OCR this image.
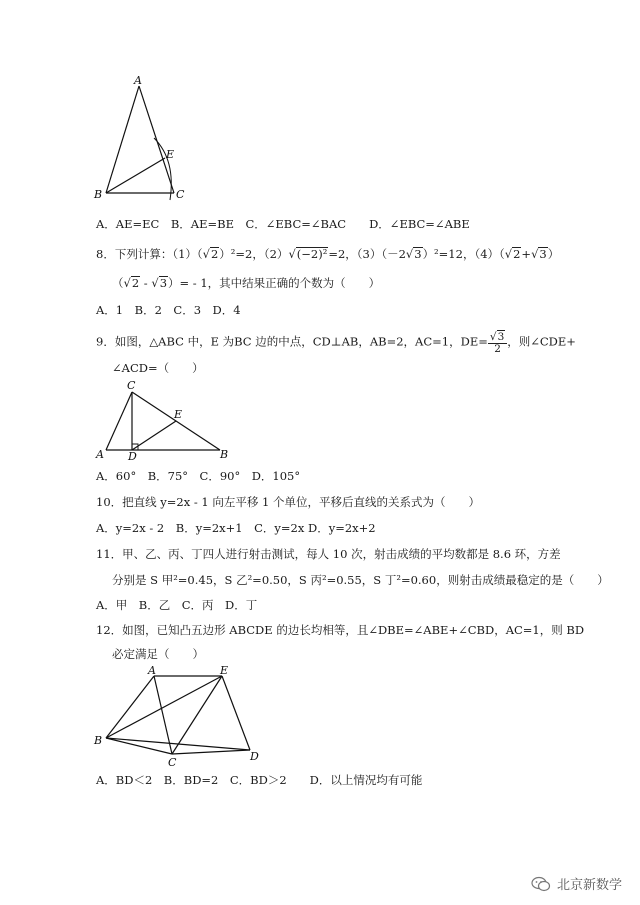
A
B	C
E
A．AE=EC　B．AE=BE　C．∠EBC=∠BAC　　D．∠EBC=∠ABE
8．下列计算：（1）（√2）²=2，（2）√(−2)²=2，（3）（－2√3）²=12，（4）（√2+√3）
（√2 - √3）= - 1，其中结果正确的个数为（　　）
A．1　B．2　C．3　D．4
9．如图，△ABC 中，E 为BC 边的中点，CD⊥AB，AB=2，AC=1，$DE= \frac{√3}{2}$ ，则∠CDE+
∠ACD=（　　）
C
A D
E
B
A．60°　B．75°　C．90°　D．105°
10．把直线 y=2x - 1 向左平移 1 个单位，平移后直线的关系式为（　　）
A．y=2x - 2　B．y=2x+1　C．y=2x D．y=2x+2
11．甲、乙、丙、丁四人进行射击测试，每人 10 次，射击成绩的平均数都是 8.6 环，方差
分别是 S 甲²=0.45，S 乙²=0.50，S 丙²=0.55，S 丁²=0.60，则射击成绩最稳定的是（　　）
A．甲　B．乙　C．丙　D．丁
12．如图，已知凸五边形 ABCDE 的边长均相等，且∠DBE=∠ABE+∠CBD，AC=1，则 BD
必定满足（　　）
A	E
B
C	D
A．BD＜2　B．BD=2　C．BD＞2　　D．以上情况均有可能
北京新数学
